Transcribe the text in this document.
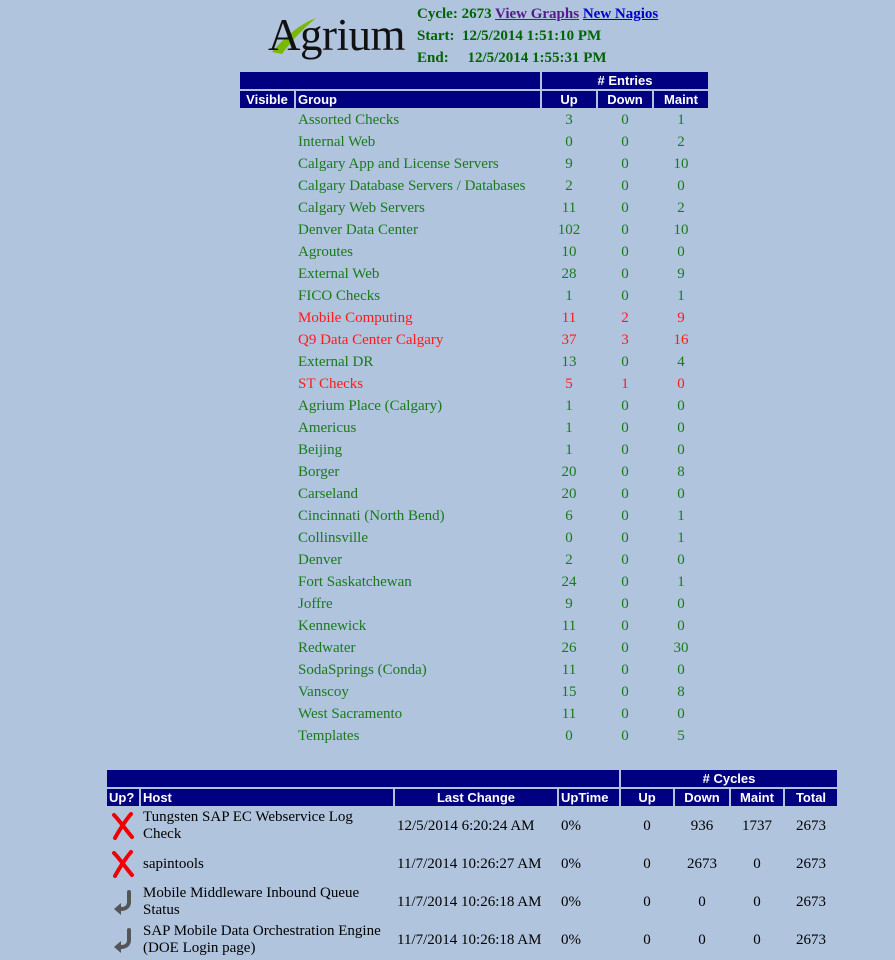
Agrium Cycle: 2673 View Graphs New Nagios
Start: 12/5/2014 1:51:10 PM
End: 12/5/2014 1:55:31 PM
		# Entries		
Visible	Group	Up	Down	Maint
	Assorted Checks	3	0	1
	Internal Web	0	0	2
	Calgary App and License Servers	9	0	10
	Calgary Database Servers / Databases	2	0	0
	Calgary Web Servers	11	0	2
	Denver Data Center	102	0	10
	Agroutes	10	0	0
	External Web	28	0	9
	FICO Checks	1	0	1
	Mobile Computing	11	2	9
	Q9 Data Center Calgary	37	3	16
	External DR	13	0	4
	ST Checks	5	1	0
	Agrium Place (Calgary)	1	0	0
	Americus	1	0	0
	Beijing	1	0	0
	Borger	20	0	8
	Carseland	20	0	0
	Cincinnati (North Bend)	6	0	1
	Collinsville	0	0	1
	Denver	2	0	0
	Fort Saskatchewan	24	0	1
	Joffre	9	0	0
	Kennewick	11	0	0
	Redwater	26	0	30
	SodaSprings (Conda)	11	0	0
	Vanscoy	15	0	8
	West Sacramento	11	0	0
	Templates	0	0	5
				# Cycles			
Up?	Host	Last Change	UpTime	Up	Down	Maint	Total

	Tungsten SAP EC Webservice Log Check	12/5/2014 6:20:24 AM	0%	0	936	1737	2673

	sapintools	11/7/2014 10:26:27 AM	0%	0	2673	0	2673

	Mobile Middleware Inbound Queue Status	11/7/2014 10:26:18 AM	0%	0	0	0	2673

	SAP Mobile Data Orchestration Engine (DOE Login page)	11/7/2014 10:26:18 AM	0%	0	0	0	2673
